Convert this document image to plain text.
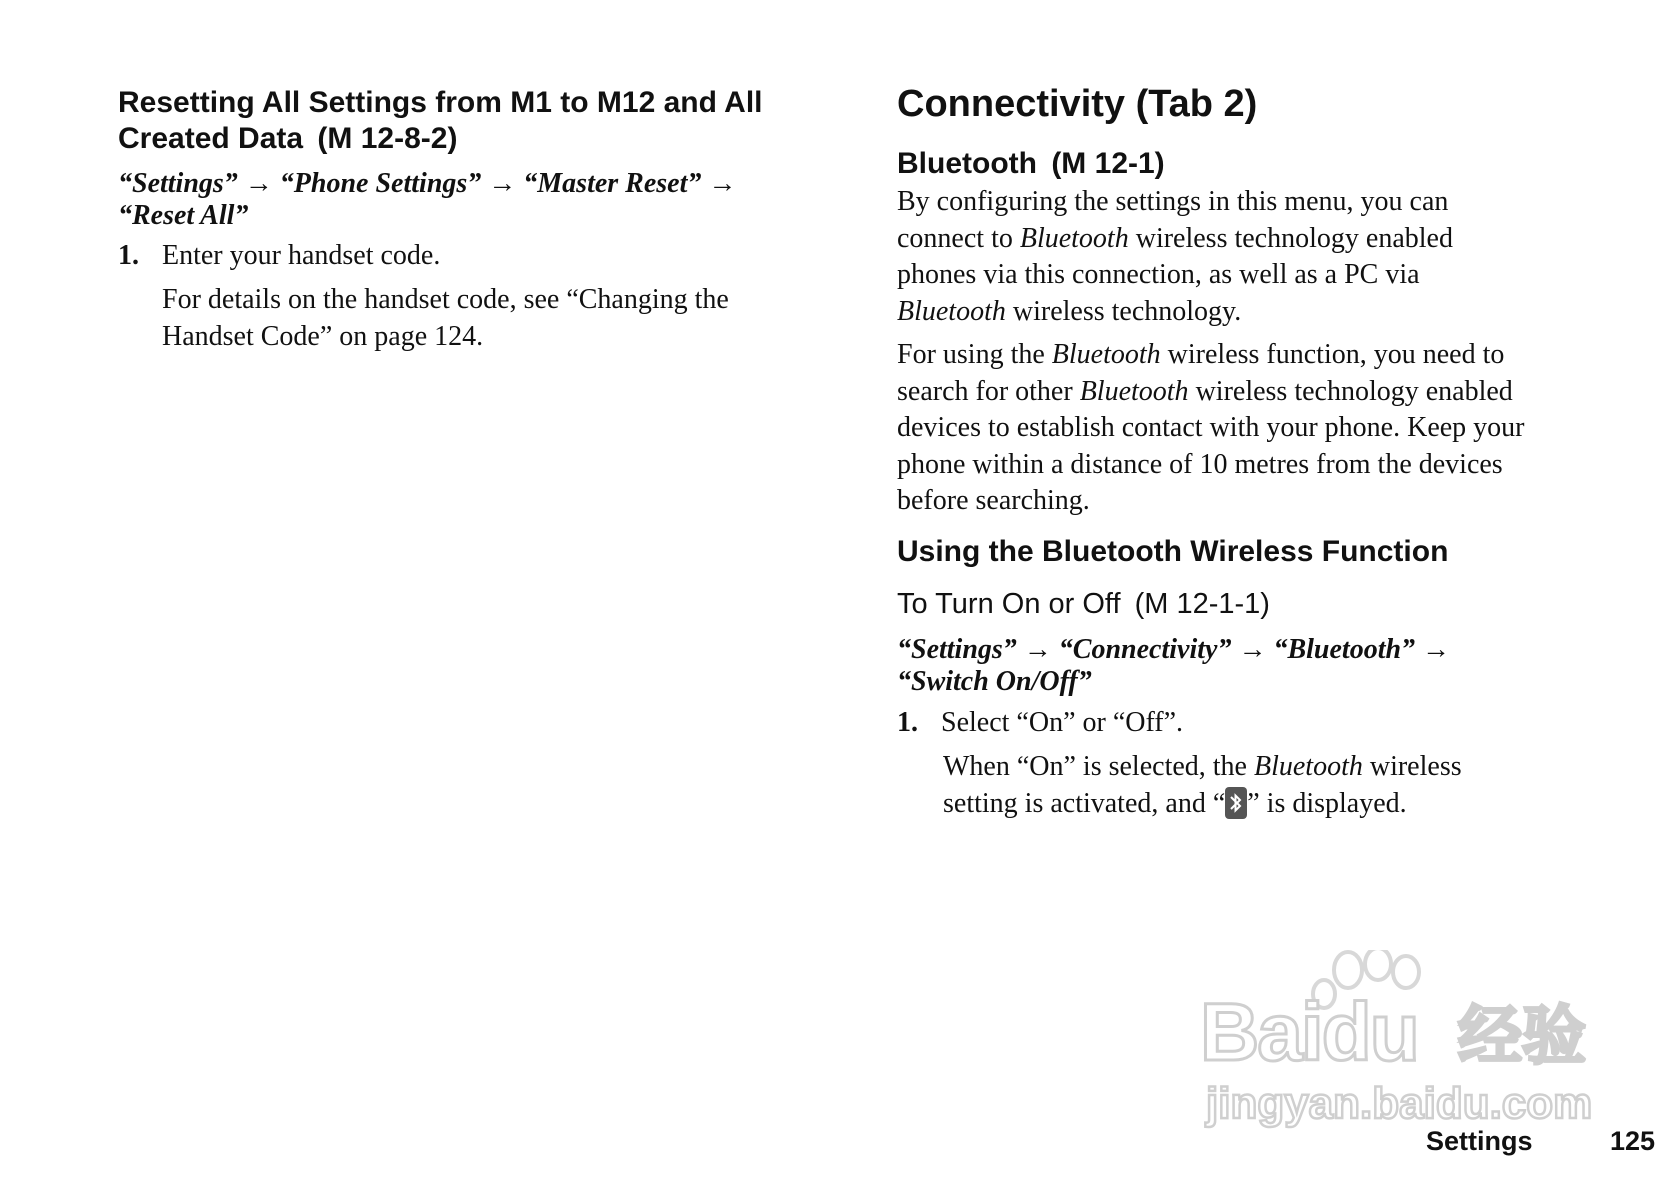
Resetting All Settings from M1 to M12 and All
Created Data (M 12-8-2)

“Settings” → “Phone Settings” → “Master Reset” →
“Reset All”

1. Enter your handset code.

For details on the handset code, see “Changing the
Handset Code” on page 124.

Connectivity (Tab 2)
Bluetooth (M 12-1)

By configuring the settings in this menu, you can
connect to Bluetooth wireless technology enabled
phones via this connection, as well as a PC via
Bluetooth wireless technology.

For using the Bluetooth wireless function, you need to
search for other Bluetooth wireless technology enabled
devices to establish contact with your phone. Keep your
phone within a distance of 10 metres from the devices
before searching.

Using the Bluetooth Wireless Function
To Turn On or Off (M 12-1-1)

“Settings” → “Connectivity” → “Bluetooth” →
“Switch On/Off”

1. Select “On” or “Off”.

When “On” is selected, the Bluetooth wireless
setting is activated, and “ ” is displayed.

Baidu 经验
jingyan.baidu.com
Settings	125
